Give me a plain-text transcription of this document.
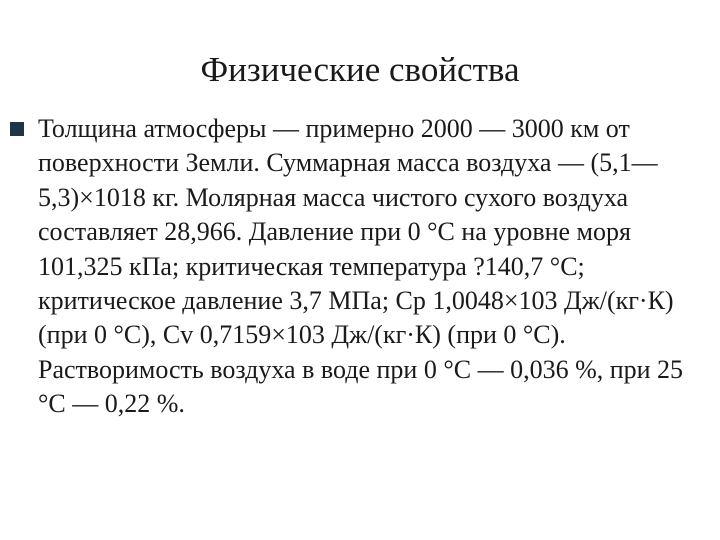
Физические свойства

Толщина атмосферы — примерно 2000 — 3000 км от поверхности Земли. Суммарная масса воздуха — (5,1—5,3)×1018 кг. Молярная масса чистого сухого воздуха составляет 28,966. Давление при 0 °C на уровне моря 101,325 кПа; критическая температура ?140,7 °C; критическое давление 3,7 МПа; Cp 1,0048×103 Дж/(кг·К)(при 0 °C), Cv 0,7159×103 Дж/(кг·К) (при 0 °C). Растворимость воздуха в воде при 0 °C — 0,036 %, при 25 °C — 0,22 %.
